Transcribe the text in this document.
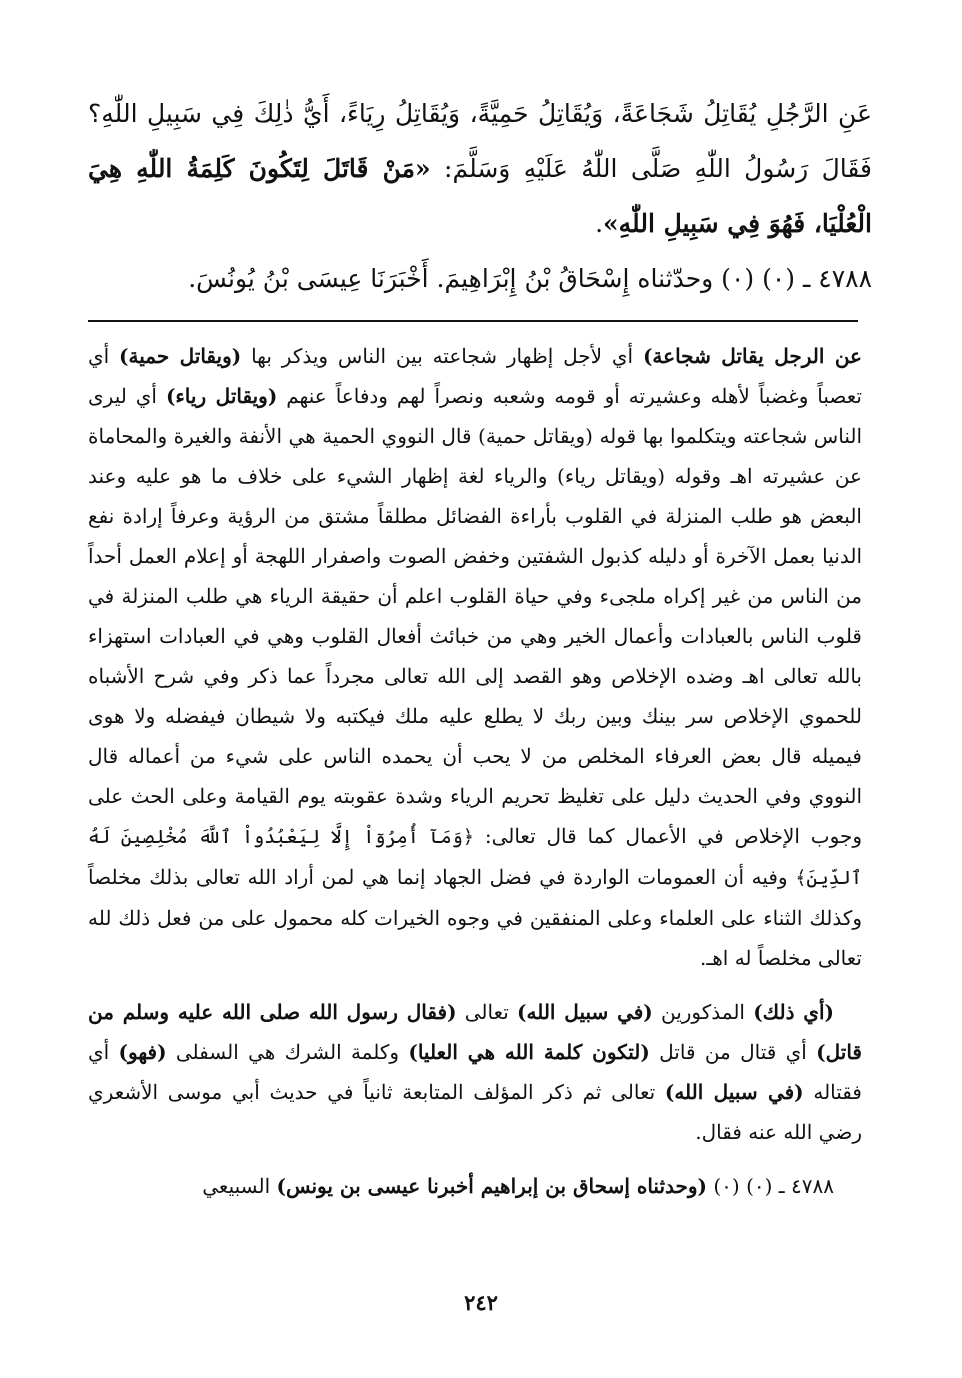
عَنِ الرَّجُلِ يُقَاتِلُ شَجَاعَةً، وَيُقَاتِلُ حَمِيَّةً، وَيُقَاتِلُ رِيَاءً، أَيُّ ذٰلِكَ فِي سَبِيلِ اللّٰهِ؟ فَقَالَ رَسُولُ اللّٰهِ صَلَّى اللّٰهُ عَلَيْهِ وَسَلَّمَ: «مَنْ قَاتَلَ لِتَكُونَ كَلِمَةُ اللّٰهِ هِيَ الْعُلْيَا، فَهُوَ فِي سَبِيلِ اللّٰهِ».

٤٧٨٨ ـ (٠) (٠) وحدّثناه إِسْحَاقُ بْنُ إِبْرَاهِيمَ. أَخْبَرَنَا عِيسَى بْنُ يُونُسَ.

عن الرجل يقاتل شجاعة) أي لأجل إظهار شجاعته بين الناس ويذكر بها (ويقاتل حمية) أي تعصباً وغضباً لأهله وعشيرته أو قومه وشعبه ونصراً لهم ودفاعاً عنهم (ويقاتل رياء) أي ليرى الناس شجاعته ويتكلموا بها قوله (ويقاتل حمية) قال النووي الحمية هي الأنفة والغيرة والمحاماة عن عشيرته اهـ وقوله (ويقاتل رياء) والرياء لغة إظهار الشيء على خلاف ما هو عليه وعند البعض هو طلب المنزلة في القلوب بأراءة الفضائل مطلقاً مشتق من الرؤية وعرفاً إرادة نفع الدنيا بعمل الآخرة أو دليله كذبول الشفتين وخفض الصوت واصفرار اللهجة أو إعلام العمل أحداً من الناس من غير إكراه ملجىء وفي حياة القلوب اعلم أن حقيقة الرياء هي طلب المنزلة في قلوب الناس بالعبادات وأعمال الخير وهي من خبائث أفعال القلوب وهي في العبادات استهزاء بالله تعالى اهـ وضده الإخلاص وهو القصد إلى الله تعالى مجرداً عما ذكر وفي شرح الأشباه للحموي الإخلاص سر بينك وبين ربك لا يطلع عليه ملك فيكتبه ولا شيطان فيفضله ولا هوى فيميله قال بعض العرفاء المخلص من لا يحب أن يحمده الناس على شيء من أعماله قال النووي وفي الحديث دليل على تغليظ تحريم الرياء وشدة عقوبته يوم القيامة وعلى الحث على وجوب الإخلاص في الأعمال كما قال تعالى: ﴿وَمَآ أُمِرُوٓاْ إِلَّا لِيَعْبُدُواْ ٱللَّهَ مُخْلِصِينَ لَهُ ٱلدِّينَ﴾ وفيه أن العمومات الواردة في فضل الجهاد إنما هي لمن أراد الله تعالى بذلك مخلصاً وكذلك الثناء على العلماء وعلى المنفقين في وجوه الخيرات كله محمول على من فعل ذلك لله تعالى مخلصاً له اهـ.

(أي ذلك) المذكورين (في سبيل الله) تعالى (فقال رسول الله صلى الله عليه وسلم من قاتل) أي قتال من قاتل (لتكون كلمة الله هي العليا) وكلمة الشرك هي السفلى (فهو) أي فقتاله (في سبيل الله) تعالى ثم ذكر المؤلف المتابعة ثانياً في حديث أبي موسى الأشعري رضي الله عنه فقال.

٤٧٨٨ ـ (٠) (٠) (وحدثناه إسحاق بن إبراهيم أخبرنا عيسى بن يونس) السبيعي

٢٤٢
